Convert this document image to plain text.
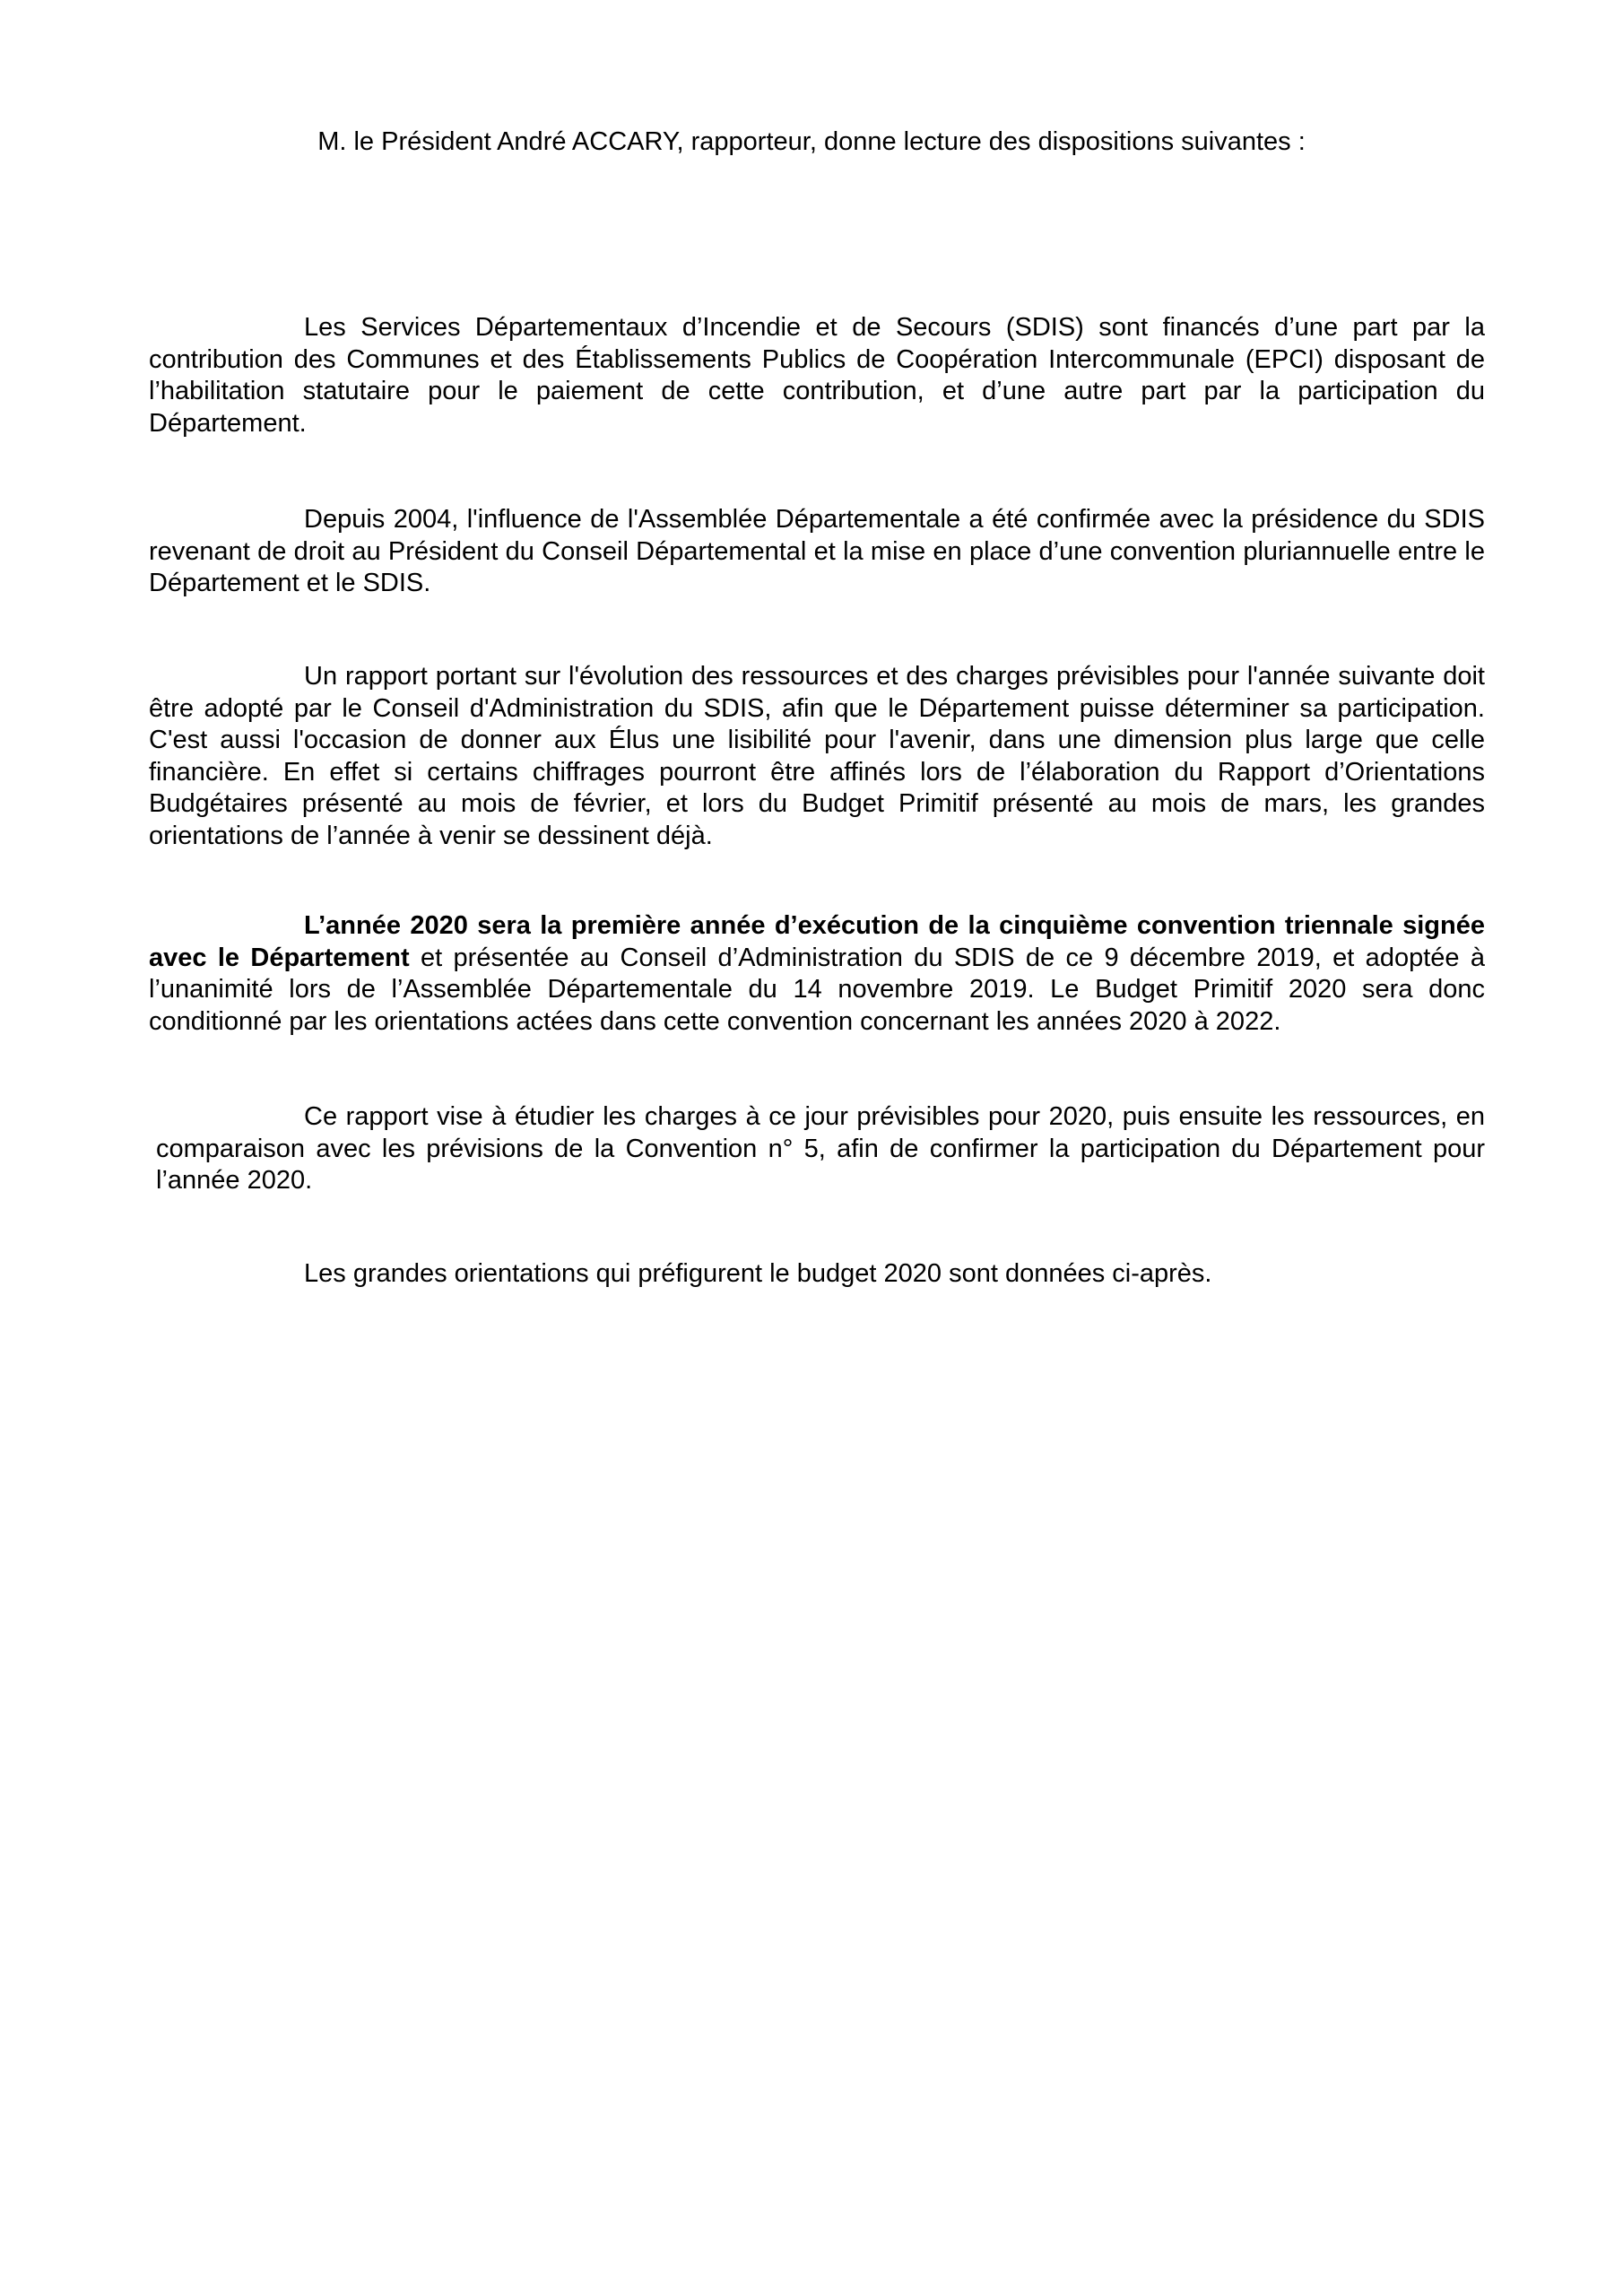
M. le Président André ACCARY, rapporteur, donne lecture des dispositions suivantes :

Les Services Départementaux d’Incendie et de Secours (SDIS) sont financés d’une part par la contribution des Communes et des Établissements Publics de Coopération Intercommunale (EPCI) disposant de l’habilitation statutaire pour le paiement de cette contribution, et d’une autre part par la participation du Département.

Depuis 2004, l'influence de l'Assemblée Départementale a été confirmée avec la présidence du SDIS revenant de droit au Président du Conseil Départemental et la mise en place d’une convention pluriannuelle entre le Département et le SDIS.

Un rapport portant sur l'évolution des ressources et des charges prévisibles pour l'année suivante doit être adopté par le Conseil d'Administration du SDIS, afin que le Département puisse déterminer sa participation. C'est aussi l'occasion de donner aux Élus une lisibilité pour l'avenir, dans une dimension plus large que celle financière. En effet si certains chiffrages pourront être affinés lors de l’élaboration du Rapport d’Orientations Budgétaires présenté au mois de février, et lors du Budget Primitif présenté au mois de mars, les grandes orientations de l’année à venir se dessinent déjà.

L’année 2020 sera la première année d’exécution de la cinquième convention triennale signée avec le Département et présentée au Conseil d’Administration du SDIS de ce 9 décembre 2019, et adoptée à l’unanimité lors de l’Assemblée Départementale du 14 novembre 2019. Le Budget Primitif 2020 sera donc conditionné par les orientations actées dans cette convention concernant les années 2020 à 2022.

Ce rapport vise à étudier les charges à ce jour prévisibles pour 2020, puis ensuite les ressources, en comparaison avec les prévisions de la Convention n° 5, afin de confirmer la participation du Département pour l’année 2020.

Les grandes orientations qui préfigurent le budget 2020 sont données ci-après.
